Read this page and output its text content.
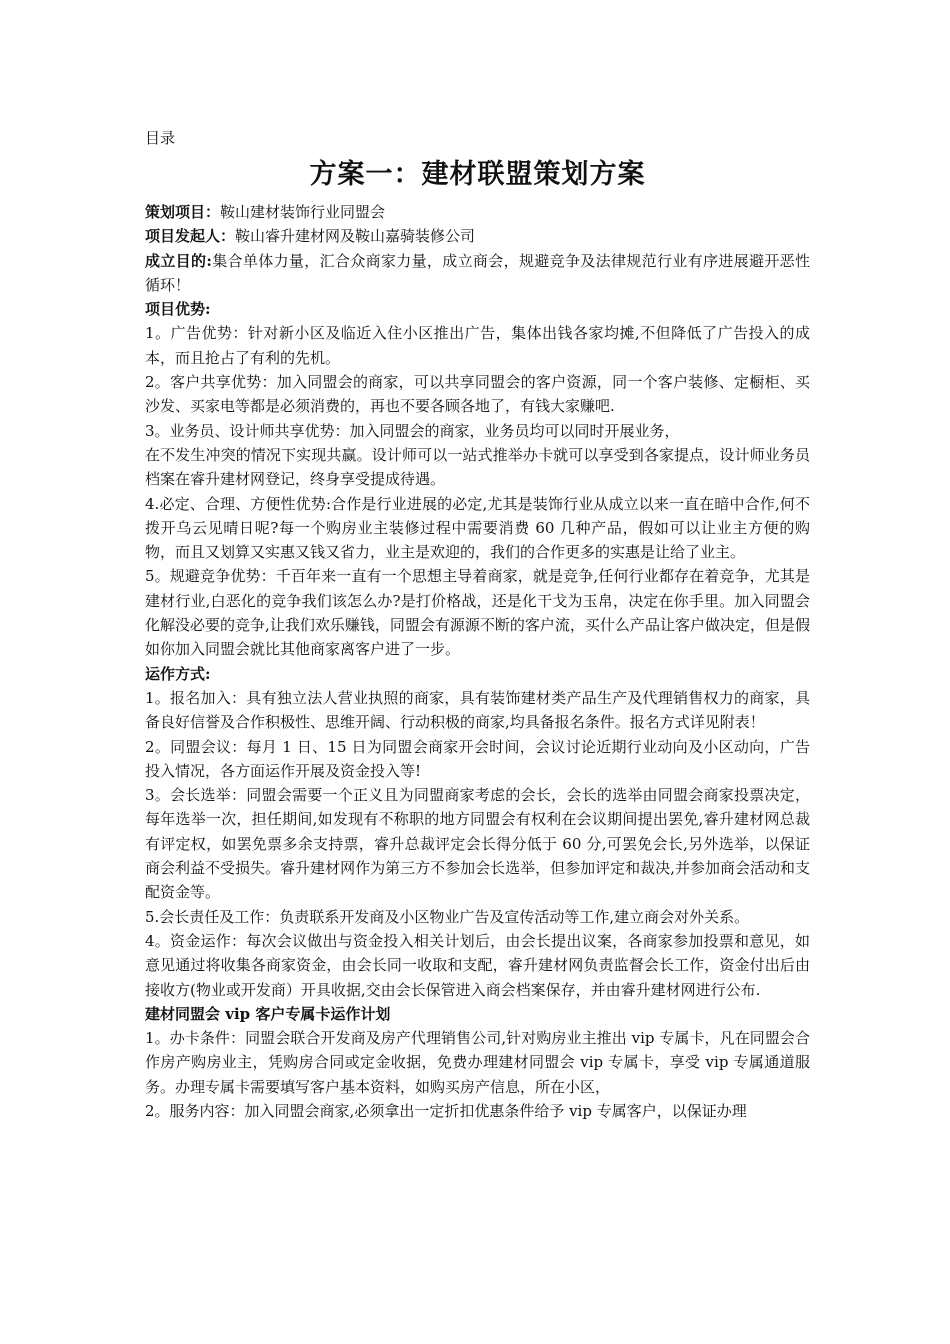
目录
方案一：建材联盟策划方案

策划项目：鞍山建材装饰行业同盟会

项目发起人：鞍山睿升建材网及鞍山嘉骑装修公司

成立目的:集合单体力量，汇合众商家力量，成立商会，规避竞争及法律规范行业有序进展避开恶性循环！

项目优势:

1。广告优势：针对新小区及临近入住小区推出广告，集体出钱各家均摊,不但降低了广告投入的成本，而且抢占了有利的先机。

2。客户共享优势：加入同盟会的商家，可以共享同盟会的客户资源，同一个客户装修、定橱柜、买沙发、买家电等都是必须消费的，再也不要各顾各地了，有钱大家赚吧.

3。业务员、设计师共享优势：加入同盟会的商家，业务员均可以同时开展业务，

在不发生冲突的情况下实现共赢。设计师可以一站式推举办卡就可以享受到各家提点，设计师业务员档案在睿升建材网登记，终身享受提成待遇。

4.必定、合理、方便性优势:合作是行业进展的必定,尤其是装饰行业从成立以来一直在暗中合作,何不拨开乌云见晴日呢?每一个购房业主装修过程中需要消费 60 几种产品，假如可以让业主方便的购物，而且又划算又实惠又钱又省力，业主是欢迎的，我们的合作更多的实惠是让给了业主。

5。规避竞争优势：千百年来一直有一个思想主导着商家，就是竞争,任何行业都存在着竞争，尤其是建材行业,白恶化的竞争我们该怎么办?是打价格战，还是化干戈为玉帛，决定在你手里。加入同盟会化解没必要的竞争,让我们欢乐赚钱，同盟会有源源不断的客户流，买什么产品让客户做决定，但是假如你加入同盟会就比其他商家离客户进了一步。

运作方式:

1。报名加入：具有独立法人营业执照的商家，具有装饰建材类产品生产及代理销售权力的商家，具备良好信誉及合作积极性、思维开阔、行动积极的商家,均具备报名条件。报名方式详见附表！

2。同盟会议：每月 1 日、15 日为同盟会商家开会时间，会议讨论近期行业动向及小区动向，广告投入情况，各方面运作开展及资金投入等!

3。会长选举：同盟会需要一个正义且为同盟商家考虑的会长，会长的选举由同盟会商家投票决定，每年选举一次，担任期间,如发现有不称职的地方同盟会有权利在会议期间提出罢免,睿升建材网总裁有评定权，如罢免票多余支持票，睿升总裁评定会长得分低于 60 分,可罢免会长,另外选举，以保证商会利益不受损失。睿升建材网作为第三方不参加会长选举，但参加评定和裁决,并参加商会活动和支配资金等。

5.会长责任及工作：负责联系开发商及小区物业广告及宣传活动等工作,建立商会对外关系。

4。资金运作：每次会议做出与资金投入相关计划后，由会长提出议案，各商家参加投票和意见，如意见通过将收集各商家资金，由会长同一收取和支配，睿升建材网负责监督会长工作，资金付出后由接收方(物业或开发商）开具收据,交由会长保管进入商会档案保存，并由睿升建材网进行公布.

建材同盟会 vip 客户专属卡运作计划

1。办卡条件：同盟会联合开发商及房产代理销售公司,针对购房业主推出 vip 专属卡，凡在同盟会合作房产购房业主，凭购房合同或定金收据，免费办理建材同盟会 vip 专属卡，享受 vip 专属通道服务。办理专属卡需要填写客户基本资料，如购买房产信息，所在小区，

2。服务内容：加入同盟会商家,必须拿出一定折扣优惠条件给予 vip 专属客户，以保证办理
